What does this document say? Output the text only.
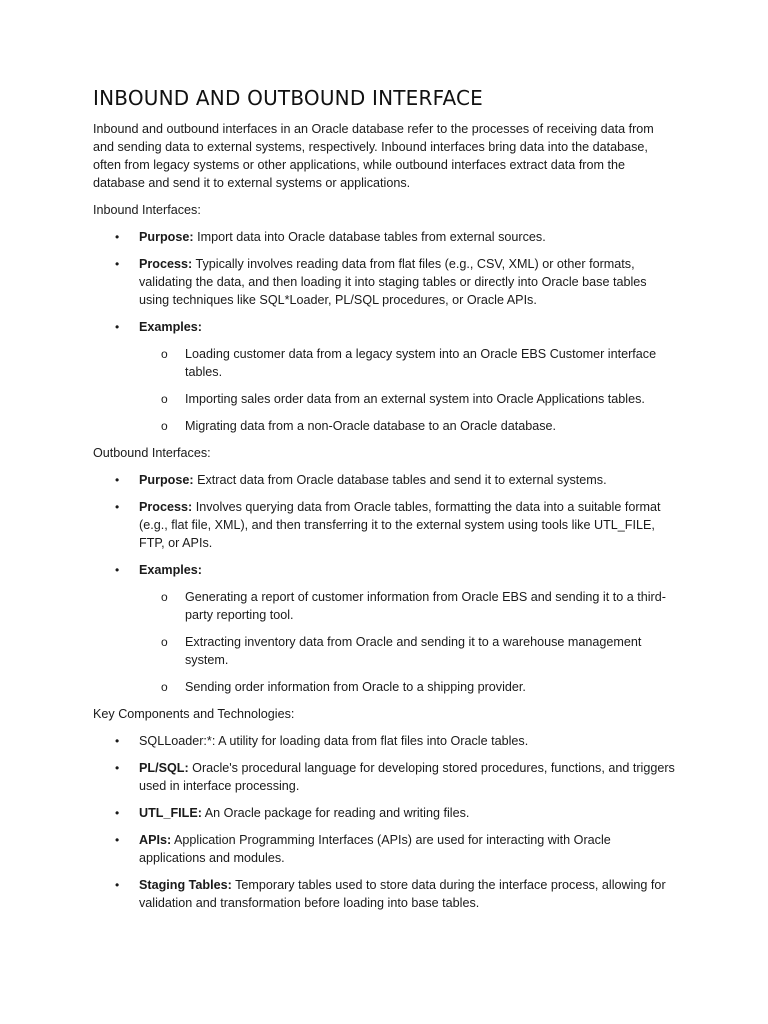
INBOUND AND OUTBOUND INTERFACE

Inbound and outbound interfaces in an Oracle database refer to the processes of receiving data from and sending data to external systems, respectively. Inbound interfaces bring data into the database, often from legacy systems or other applications, while outbound interfaces extract data from the database and send it to external systems or applications.

Inbound Interfaces:

• Purpose: Import data into Oracle database tables from external sources.
• Process: Typically involves reading data from flat files (e.g., CSV, XML) or other formats, validating the data, and then loading it into staging tables or directly into Oracle base tables using techniques like SQL*Loader, PL/SQL procedures, or Oracle APIs.
• Examples:
o Loading customer data from a legacy system into an Oracle EBS Customer interface tables.
o Importing sales order data from an external system into Oracle Applications tables.
o Migrating data from a non-Oracle database to an Oracle database.

Outbound Interfaces:

• Purpose: Extract data from Oracle database tables and send it to external systems.
• Process: Involves querying data from Oracle tables, formatting the data into a suitable format (e.g., flat file, XML), and then transferring it to the external system using tools like UTL_FILE, FTP, or APIs.
• Examples:
o Generating a report of customer information from Oracle EBS and sending it to a third-party reporting tool.
o Extracting inventory data from Oracle and sending it to a warehouse management system.
o Sending order information from Oracle to a shipping provider.

Key Components and Technologies:

• SQLLoader:*: A utility for loading data from flat files into Oracle tables.
• PL/SQL: Oracle's procedural language for developing stored procedures, functions, and triggers used in interface processing.
• UTL_FILE: An Oracle package for reading and writing files.
• APIs: Application Programming Interfaces (APIs) are used for interacting with Oracle applications and modules.
• Staging Tables: Temporary tables used to store data during the interface process, allowing for validation and transformation before loading into base tables.
